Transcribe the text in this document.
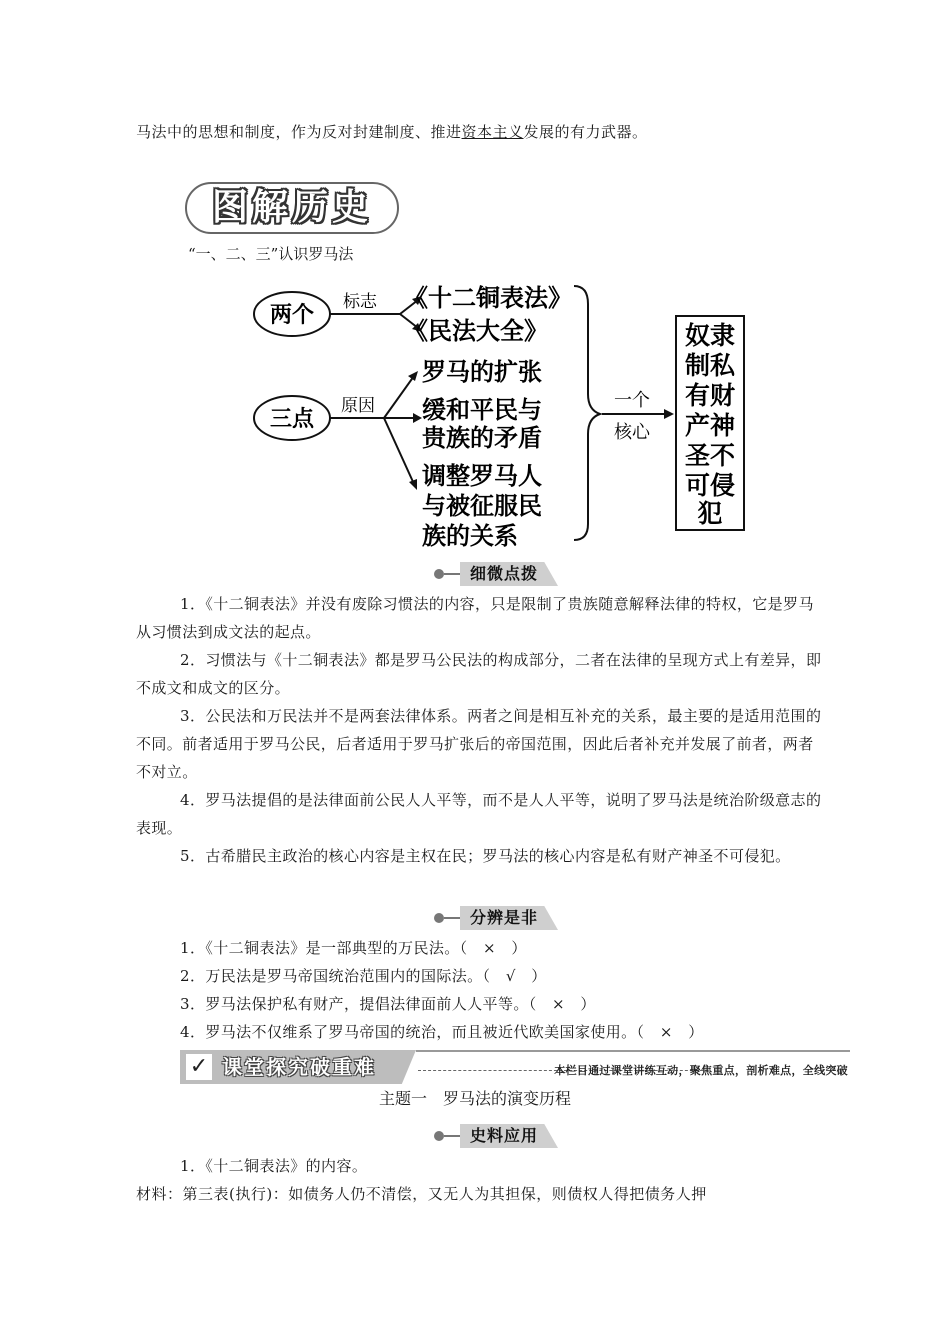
马法中的思想和制度，作为反对封建制度、推进资本主义发展的有力武器。
图解历史
“一、二、三”认识罗马法
两个
标志 《十二铜表法》
《民法大全》
三点
原因
罗马的扩张
缓和平民与
贵族的矛盾
调整罗马人
与被征服民
族的关系
一个
核心
奴隶
制私
有财
产神
圣不
可侵
犯
细微点拨
1．《十二铜表法》并没有废除习惯法的内容，只是限制了贵族随意解释法律的特权，它是罗马从习惯法到成文法的起点。
2．习惯法与《十二铜表法》都是罗马公民法的构成部分，二者在法律的呈现方式上有差异，即不成文和成文的区分。
3．公民法和万民法并不是两套法律体系。两者之间是相互补充的关系，最主要的是适用范围的不同。前者适用于罗马公民，后者适用于罗马扩张后的帝国范围，因此后者补充并发展了前者，两者不对立。
4．罗马法提倡的是法律面前公民人人平等，而不是人人平等，说明了罗马法是统治阶级意志的表现。
5．古希腊民主政治的核心内容是主权在民；罗马法的核心内容是私有财产神圣不可侵犯。
分辨是非
1．《十二铜表法》是一部典型的万民法。（　×　）
2．万民法是罗马帝国统治范围内的国际法。（　√　）
3．罗马法保护私有财产，提倡法律面前人人平等。（　×　）
4．罗马法不仅维系了罗马帝国的统治，而且被近代欧美国家使用。（　×　）
✓ 课堂探究破重难	本栏目通过课堂讲练互动，聚焦重点，剖析难点，全线突破
主题一　罗马法的演变历程
史料应用
1．《十二铜表法》的内容。
材料：第三表(执行)：如债务人仍不清偿，又无人为其担保，则债权人得把债务人押
